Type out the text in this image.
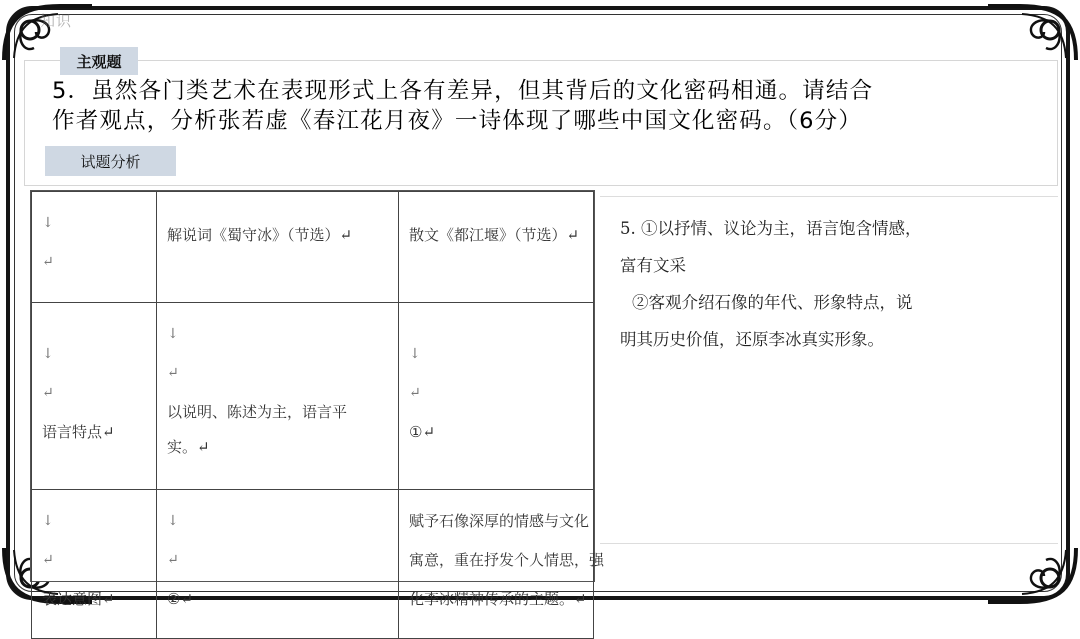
知识
主观题
5．虽然各门类艺术在表现形式上各有差异，但其背后的文化密码相通。请结合
作者观点，分析张若虚《春江花月夜》一诗体现了哪些中国文化密码。（6分）
试题分析
↓
↵	解说词《蜀守冰》（节选）↵	散文《都江堰》（节选）↵

↓
↵
语言特点↵	↓
↵
以说明、陈述为主，语言平
实。↵	↓
↵
①↵

↓
↵
表达意图↵	↓
↵
②↵	赋予石像深厚的情感与文化
寓意，重在抒发个人情思，强
化李冰精神传承的主题。↵
5. ①以抒情、议论为主，语言饱含情感，
富有文采
②客观介绍石像的年代、形象特点，说
明其历史价值，还原李冰真实形象。
